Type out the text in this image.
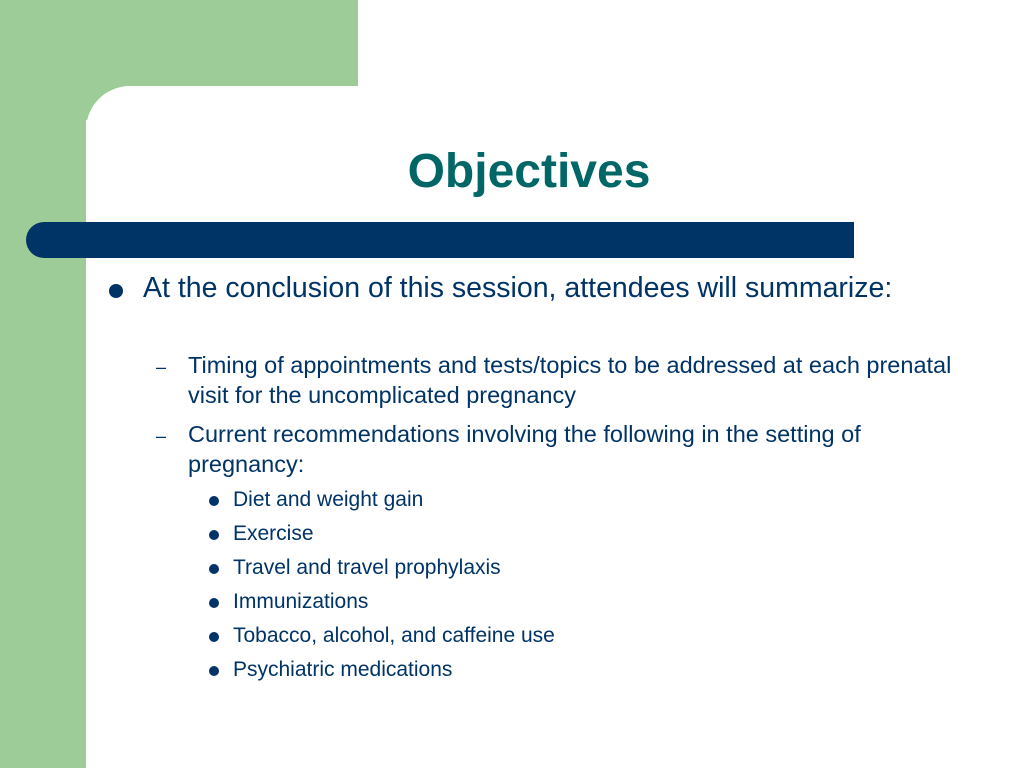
Objectives
At the conclusion of this session, attendees will summarize:
– Timing of appointments and tests/topics to be addressed at each prenatal visit for the uncomplicated pregnancy
– Current recommendations involving the following in the setting of pregnancy:
Diet and weight gain
Exercise
Travel and travel prophylaxis
Immunizations
Tobacco, alcohol, and caffeine use
Psychiatric medications
